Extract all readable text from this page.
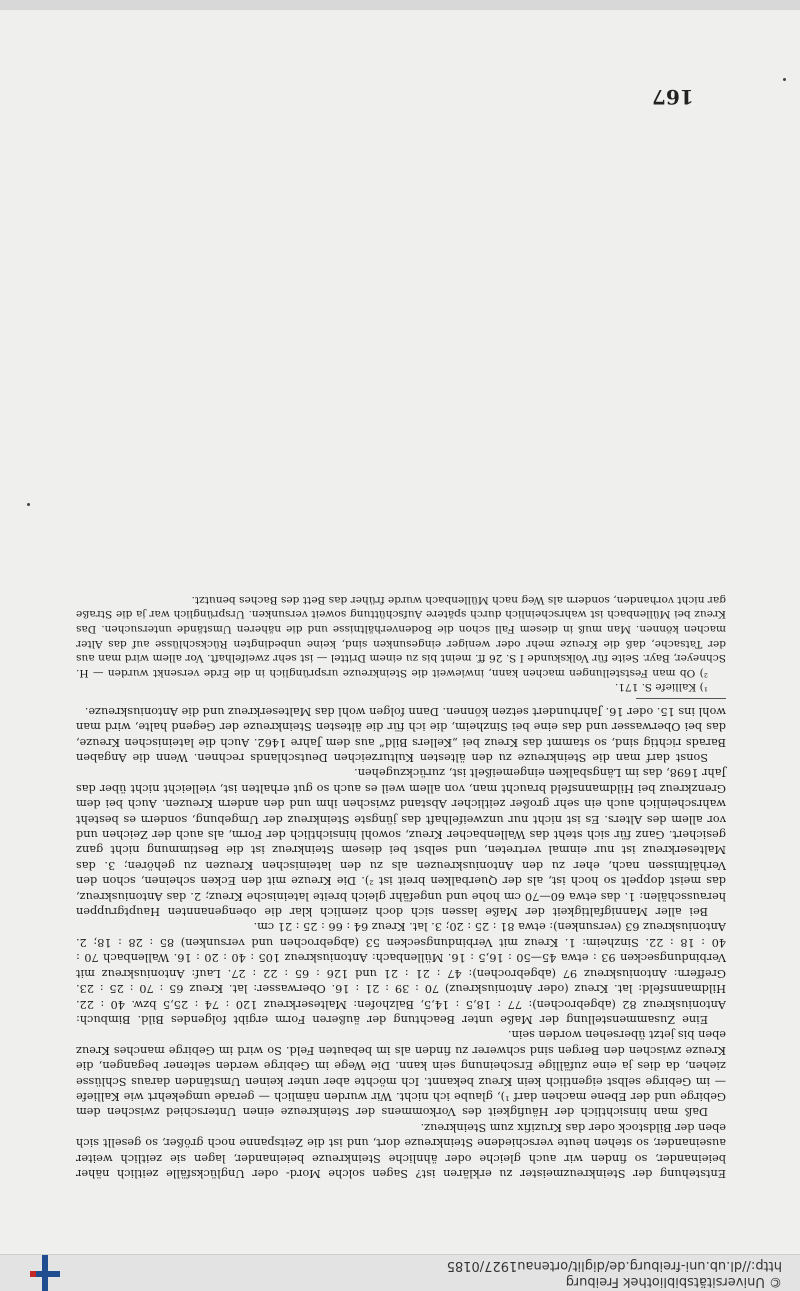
© Universitätsbibliothek Freiburg
http://dl.ub.uni-freiburg.de/diglit/ortenau1927/0185
167

Entstehung der Steinkreuzmeister zu erklären ist? Sagen solche Mord- oder Unglücksfälle zeitlich näher beieinander, so finden wir auch gleiche oder ähnliche Steinkreuze beieinander, lagen sie zeitlich weiter auseinander, so stehen heute verschiedene Steinkreuze dort, und ist die Zeitspanne noch größer, so gesellt sich eben der Bildstock oder das Kruzifix zum Steinkreuz.

Daß man hinsichtlich der Häufigkeit des Vorkommens der Steinkreuze einen Unterschied zwischen dem Gebirge und der Ebene machen darf ¹), glaube ich nicht. Wir wurden nämlich — gerade umgekehrt wie Kalliefe — im Gebirge selbst eigentlich kein Kreuz bekannt. Ich möchte aber unter keinen Umständen daraus Schlüsse ziehen, da dies ja eine zufällige Erscheinung sein kann. Die Wege im Gebirge werden seltener begangen, die Kreuze zwischen den Bergen sind schwerer zu finden als im bebauten Feld. So wird im Gebirge manches Kreuz eben bis jetzt übersehen worden sein.

Eine Zusammenstellung der Maße unter Beachtung der äußeren Form ergibt folgendes Bild. Bimbuch: Antoniuskreuz 82 (abgebrochen): 77 : 18,5 : 14,5, Balzhofen: Malteserkreuz 120 : 74 : 25,5 bzw. 40 : 22. Hildmannsfeld: lat. Kreuz (oder Antoniuskreuz) 70 : 39 : 21 : 16. Oberwasser: lat. Kreuz 65 : 70 : 25 : 23. Greffern: Antoniuskreuz 97 (abgebrochen): 47 : 21 : 21 und 126 : 65 : 22 : 27. Lauf: Antoniuskreuz mit Verbindungsecken 93 : etwa 45—50 : 16,5 : 16. Müllenbach: Antoniuskreuz 105 : 40 : 20 : 16. Wallenbach 70 : 40 : 18 : 22. Sinzheim: 1. Kreuz mit Verbindungsecken 53 (abgebrochen und versunken) 85 : 28 : 18; 2. Antoniuskreuz 63 (versunken): etwa 81 : 25 : 20; 3. lat. Kreuz 64 : 66 : 25 : 21 cm.

Bei aller Mannigfaltigkeit der Maße lassen sich doch ziemlich klar die obengenannten Hauptgruppen herausschälen: 1. das etwa 60—70 cm hohe und ungefähr gleich breite lateinische Kreuz; 2. das Antoniuskreuz, das meist doppelt so hoch ist, als der Querbalken breit ist ²). Die Kreuze mit den Ecken scheinen, schon den Verhältnissen nach, eher zu den Antoniuskreuzen als zu den lateinischen Kreuzen zu gehören; 3. das Malteserkreuz ist nur einmal vertreten, und selbst bei diesem Steinkreuz ist die Bestimmung nicht ganz gesichert. Ganz für sich steht das Wallenbacher Kreuz, sowohl hinsichtlich der Form, als auch der Zeichen und vor allem des Alters. Es ist nicht nur unzweifelhaft das jüngste Steinkreuz der Umgebung, sondern es besteht wahrscheinlich auch ein sehr großer zeitlicher Abstand zwischen ihm und den andern Kreuzen. Auch bei dem Grenzkreuz bei Hildmannsfeld braucht man, von allem weil es auch so gut erhalten ist, vielleicht nicht über das Jahr 1698, das im Längsbalken eingemeißelt ist, zurückzugehen.

Sonst darf man die Steinkreuze zu den ältesten Kulturzeichen Deutschlands rechnen. Wenn die Angaben Barads richtig sind, so stammt das Kreuz bei „Kellers Bild“ aus dem Jahre 1462. Auch die lateinischen Kreuze, das bei Oberwasser und das eine bei Sinzheim, die ich für die ältesten Steinkreuze der Gegend halte, wird man wohl ins 15. oder 16. Jahrhundert setzen können. Dann folgen wohl das Malteserkreuz und die Antoniuskreuze.

¹) Kalliefe S. 171.

²) Ob man Feststellungen machen kann, inwieweit die Steinkreuze ursprünglich in die Erde versenkt wurden — H. Schneyer, Bayr. Seite für Volkskunde I S. 26 ff. meint bis zu einem Drittel — ist sehr zweifelhaft. Vor allem wird man aus der Tatsache, daß die Kreuze mehr oder weniger eingesunken sind, keine unbedingten Rückschlüsse auf das Alter machen können. Man muß in diesem Fall schon die Bodenverhältnisse und die näheren Umstände untersuchen. Das Kreuz bei Müllenbach ist wahrscheinlich durch spätere Aufschüttung soweit versunken. Ursprünglich war ja die Straße gar nicht vorhanden, sondern als Weg nach Müllenbach wurde früher das Bett des Baches benutzt.
